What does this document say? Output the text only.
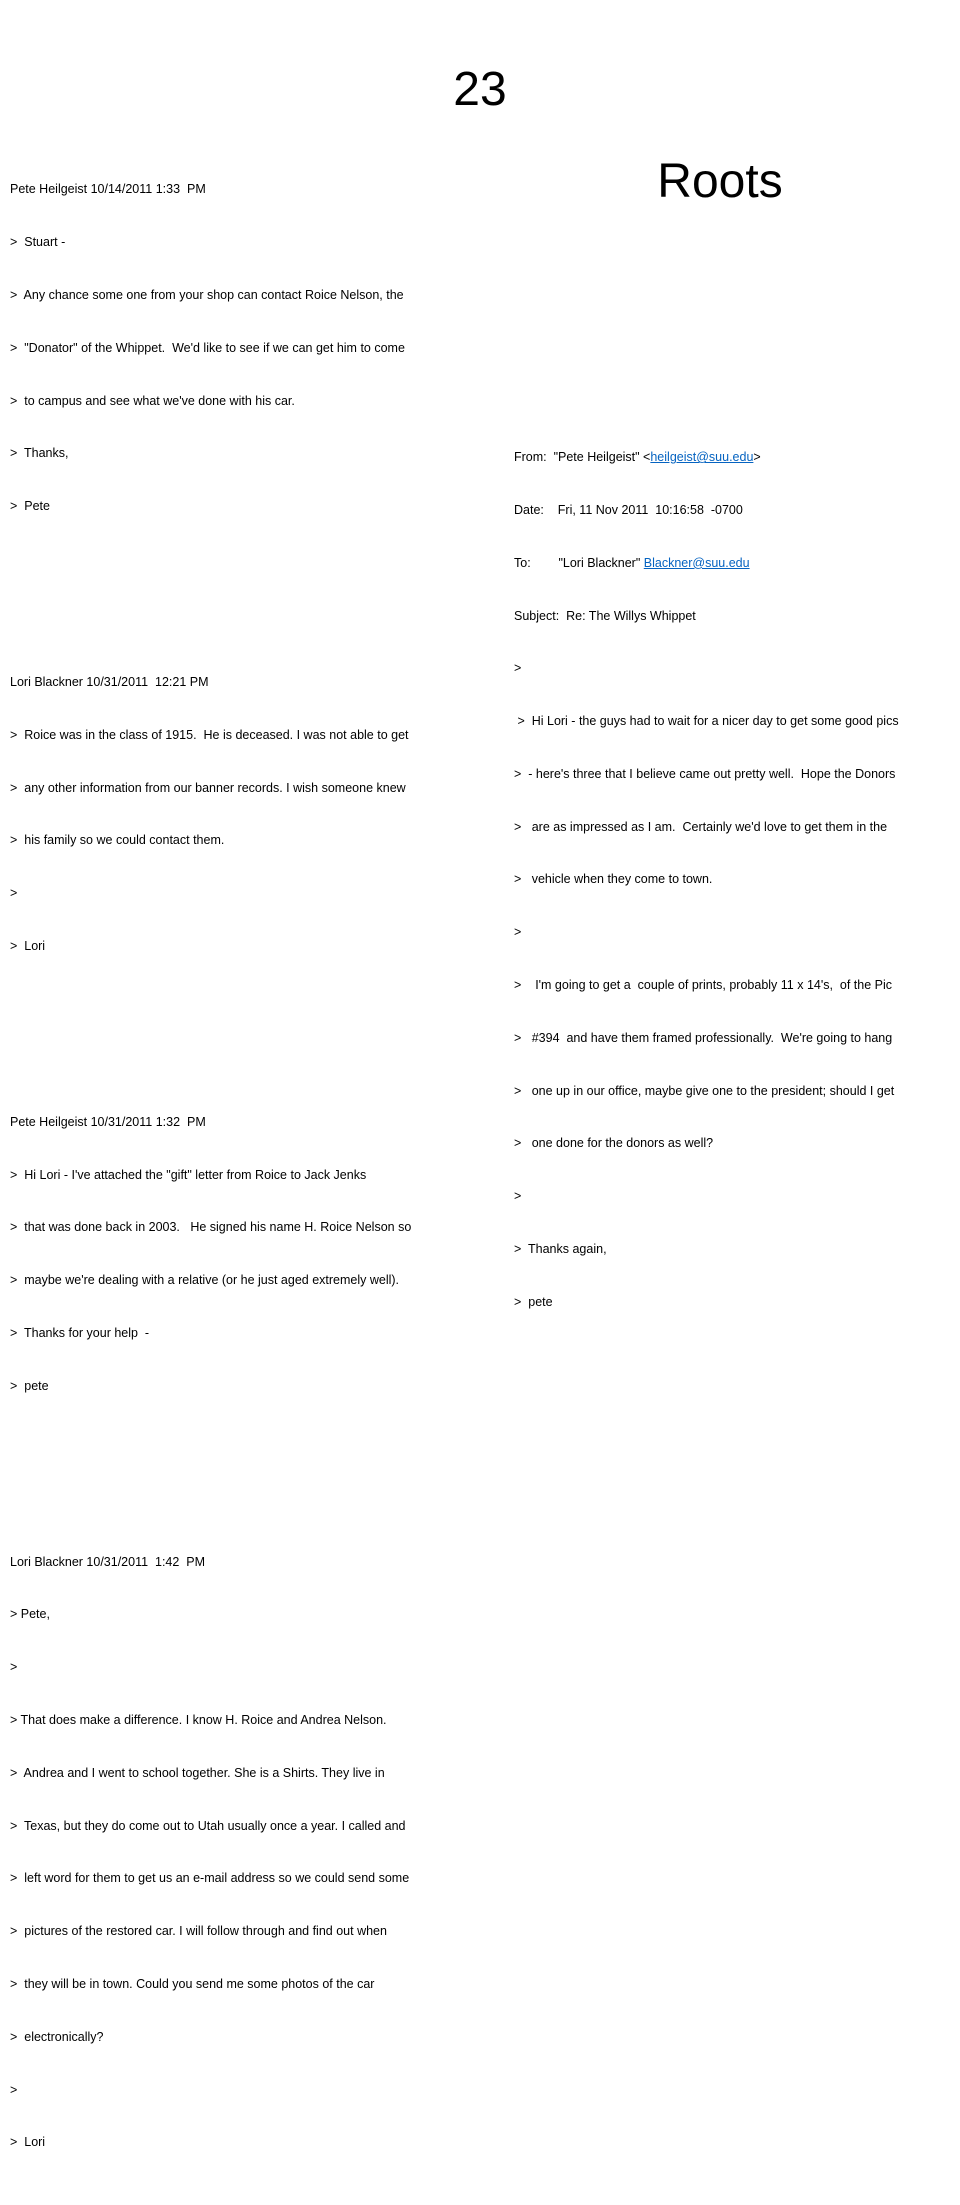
23
Roots

Pete Heilgeist 10/14/2011 1:33  PM

>  Stuart -

>  Any chance some one from your shop can contact Roice Nelson, the

>  "Donator" of the Whippet.  We'd like to see if we can get him to come

>  to campus and see what we've done with his car.

>  Thanks,

>  Pete

Lori Blackner 10/31/2011  12:21 PM

>  Roice was in the class of 1915.  He is deceased. I was not able to get

>  any other information from our banner records. I wish someone knew

>  his family so we could contact them.

>

>  Lori

Pete Heilgeist 10/31/2011 1:32  PM

>  Hi Lori - I've attached the "gift" letter from Roice to Jack Jenks

>  that was done back in 2003.   He signed his name H. Roice Nelson so

>  maybe we're dealing with a relative (or he just aged extremely well).

>  Thanks for your help  -

>  pete

Lori Blackner 10/31/2011  1:42  PM

> Pete,

>

> That does make a difference. I know H. Roice and Andrea Nelson.

>  Andrea and I went to school together. She is a Shirts. They live in

>  Texas, but they do come out to Utah usually once a year. I called and

>  left word for them to get us an e-mail address so we could send some

>  pictures of the restored car. I will follow through and find out when

>  they will be in town. Could you send me some photos of the car

>  electronically?

>

>  Lori

From:  "Pete Heilgeist" <heilgeist@suu.edu>

Date:    Fri, 11 Nov 2011  10:16:58  -0700

To:        "Lori Blackner" Blackner@suu.edu

Subject:  Re: The Willys Whippet

>

>  Hi Lori - the guys had to wait for a nicer day to get some good pics

>  - here's three that I believe came out pretty well.  Hope the Donors

>   are as impressed as I am.  Certainly we'd love to get them in the

>   vehicle when they come to town.

>

>    I'm going to get a  couple of prints, probably 11 x 14's,  of the Pic

>   #394  and have them framed professionally.  We're going to hang

>   one up in our office, maybe give one to the president; should I get

>   one done for the donors as well?

>

>  Thanks again,

>  pete
